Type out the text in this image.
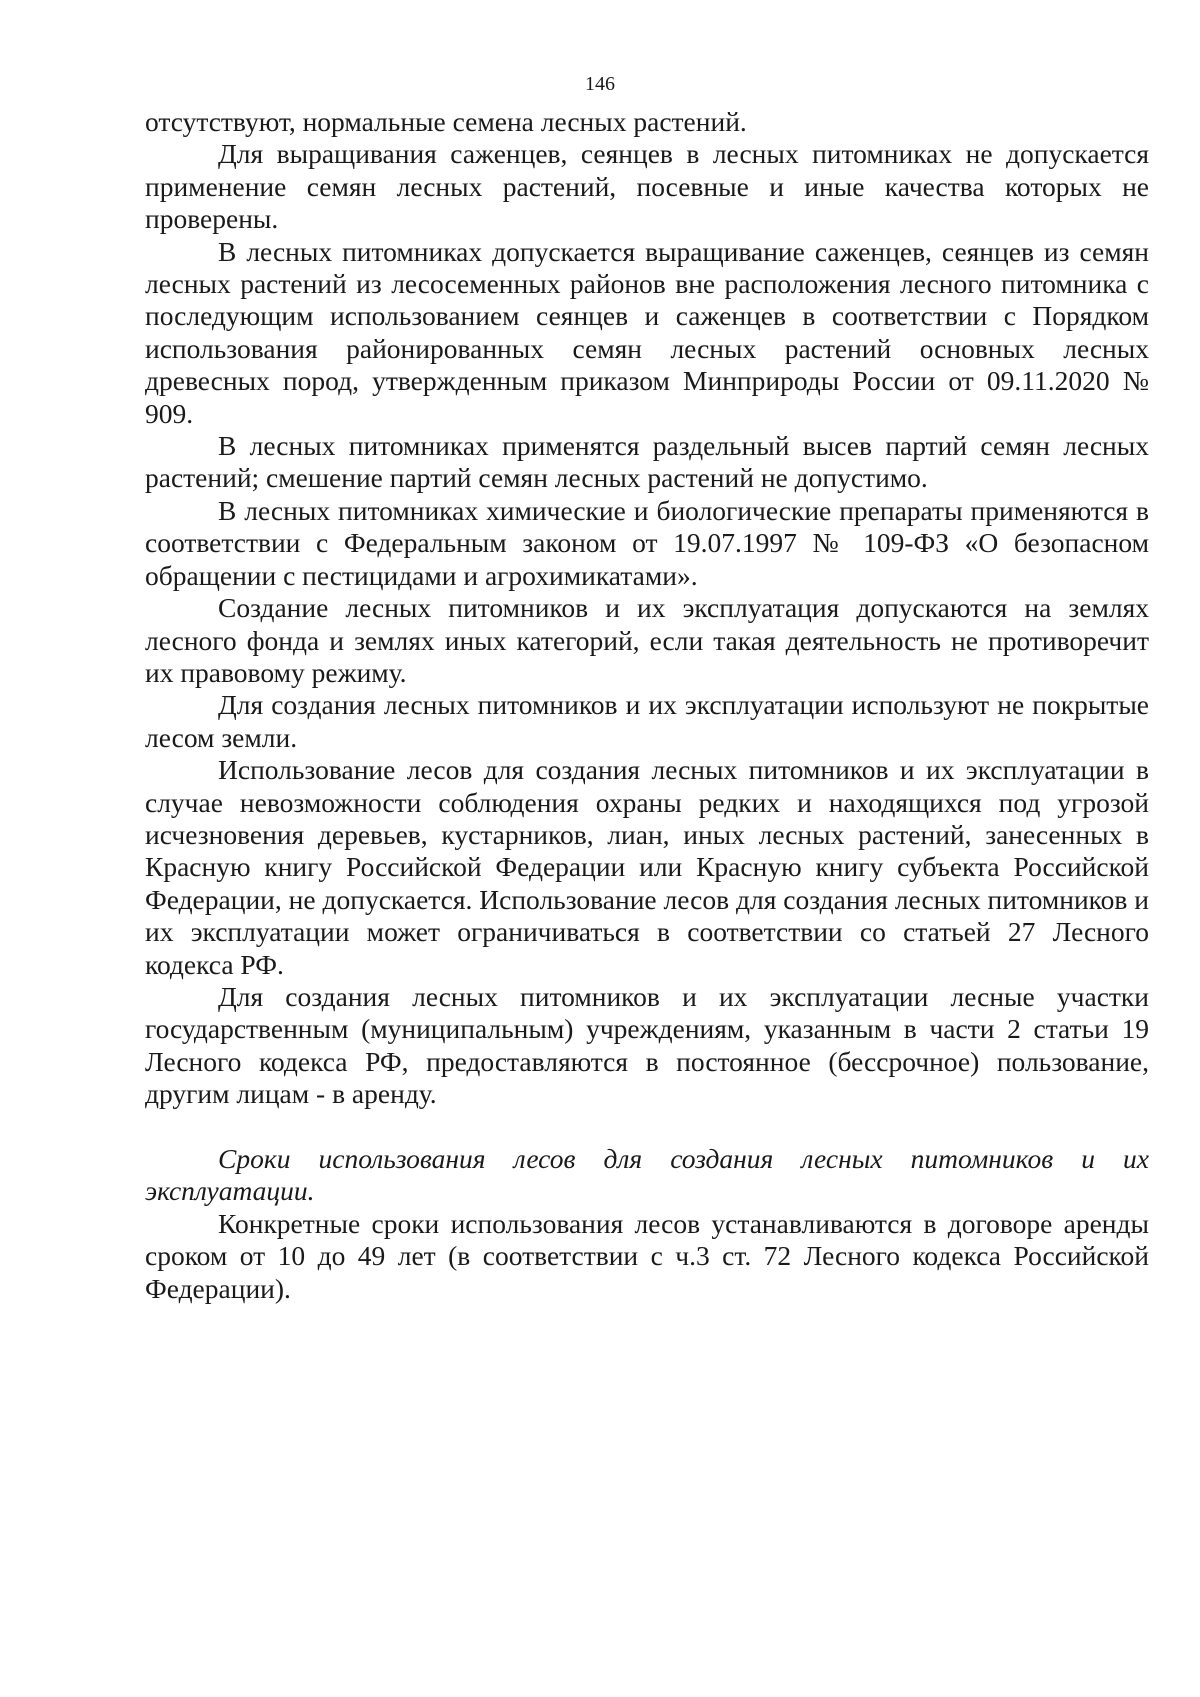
146

отсутствуют, нормальные семена лесных растений.

Для выращивания саженцев, сеянцев в лесных питомниках не допускается применение семян лесных растений, посевные и иные качества которых не проверены.

В лесных питомниках допускается выращивание саженцев, сеянцев из семян лесных растений из лесосеменных районов вне расположения лесного питомника с последующим использованием сеянцев и саженцев в соответствии с Порядком использования районированных семян лесных растений основных лесных древесных пород, утвержденным приказом Минприроды России от 09.11.2020 № 909.

В лесных питомниках применятся раздельный высев партий семян лесных растений; смешение партий семян лесных растений не допустимо.

В лесных питомниках химические и биологические препараты применяются в соответствии с Федеральным законом от 19.07.1997 № 109-ФЗ «О безопасном обращении с пестицидами и агрохимикатами».

Создание лесных питомников и их эксплуатация допускаются на землях лесного фонда и землях иных категорий, если такая деятельность не противоречит их правовому режиму.

Для создания лесных питомников и их эксплуатации используют не покрытые лесом земли.

Использование лесов для создания лесных питомников и их эксплуатации в случае невозможности соблюдения охраны редких и находящихся под угрозой исчезновения деревьев, кустарников, лиан, иных лесных растений, занесенных в Красную книгу Российской Федерации или Красную книгу субъекта Российской Федерации, не допускается. Использование лесов для создания лесных питомников и их эксплуатации может ограничиваться в соответствии со статьей 27 Лесного кодекса РФ.

Для создания лесных питомников и их эксплуатации лесные участки государственным (муниципальным) учреждениям, указанным в части 2 статьи 19 Лесного кодекса РФ, предоставляются в постоянное (бессрочное) пользование, другим лицам - в аренду.

Сроки использования лесов для создания лесных питомников и их эксплуатации.

Конкретные сроки использования лесов устанавливаются в договоре аренды сроком от 10 до 49 лет (в соответствии с ч.3 ст. 72 Лесного кодекса Российской Федерации).
